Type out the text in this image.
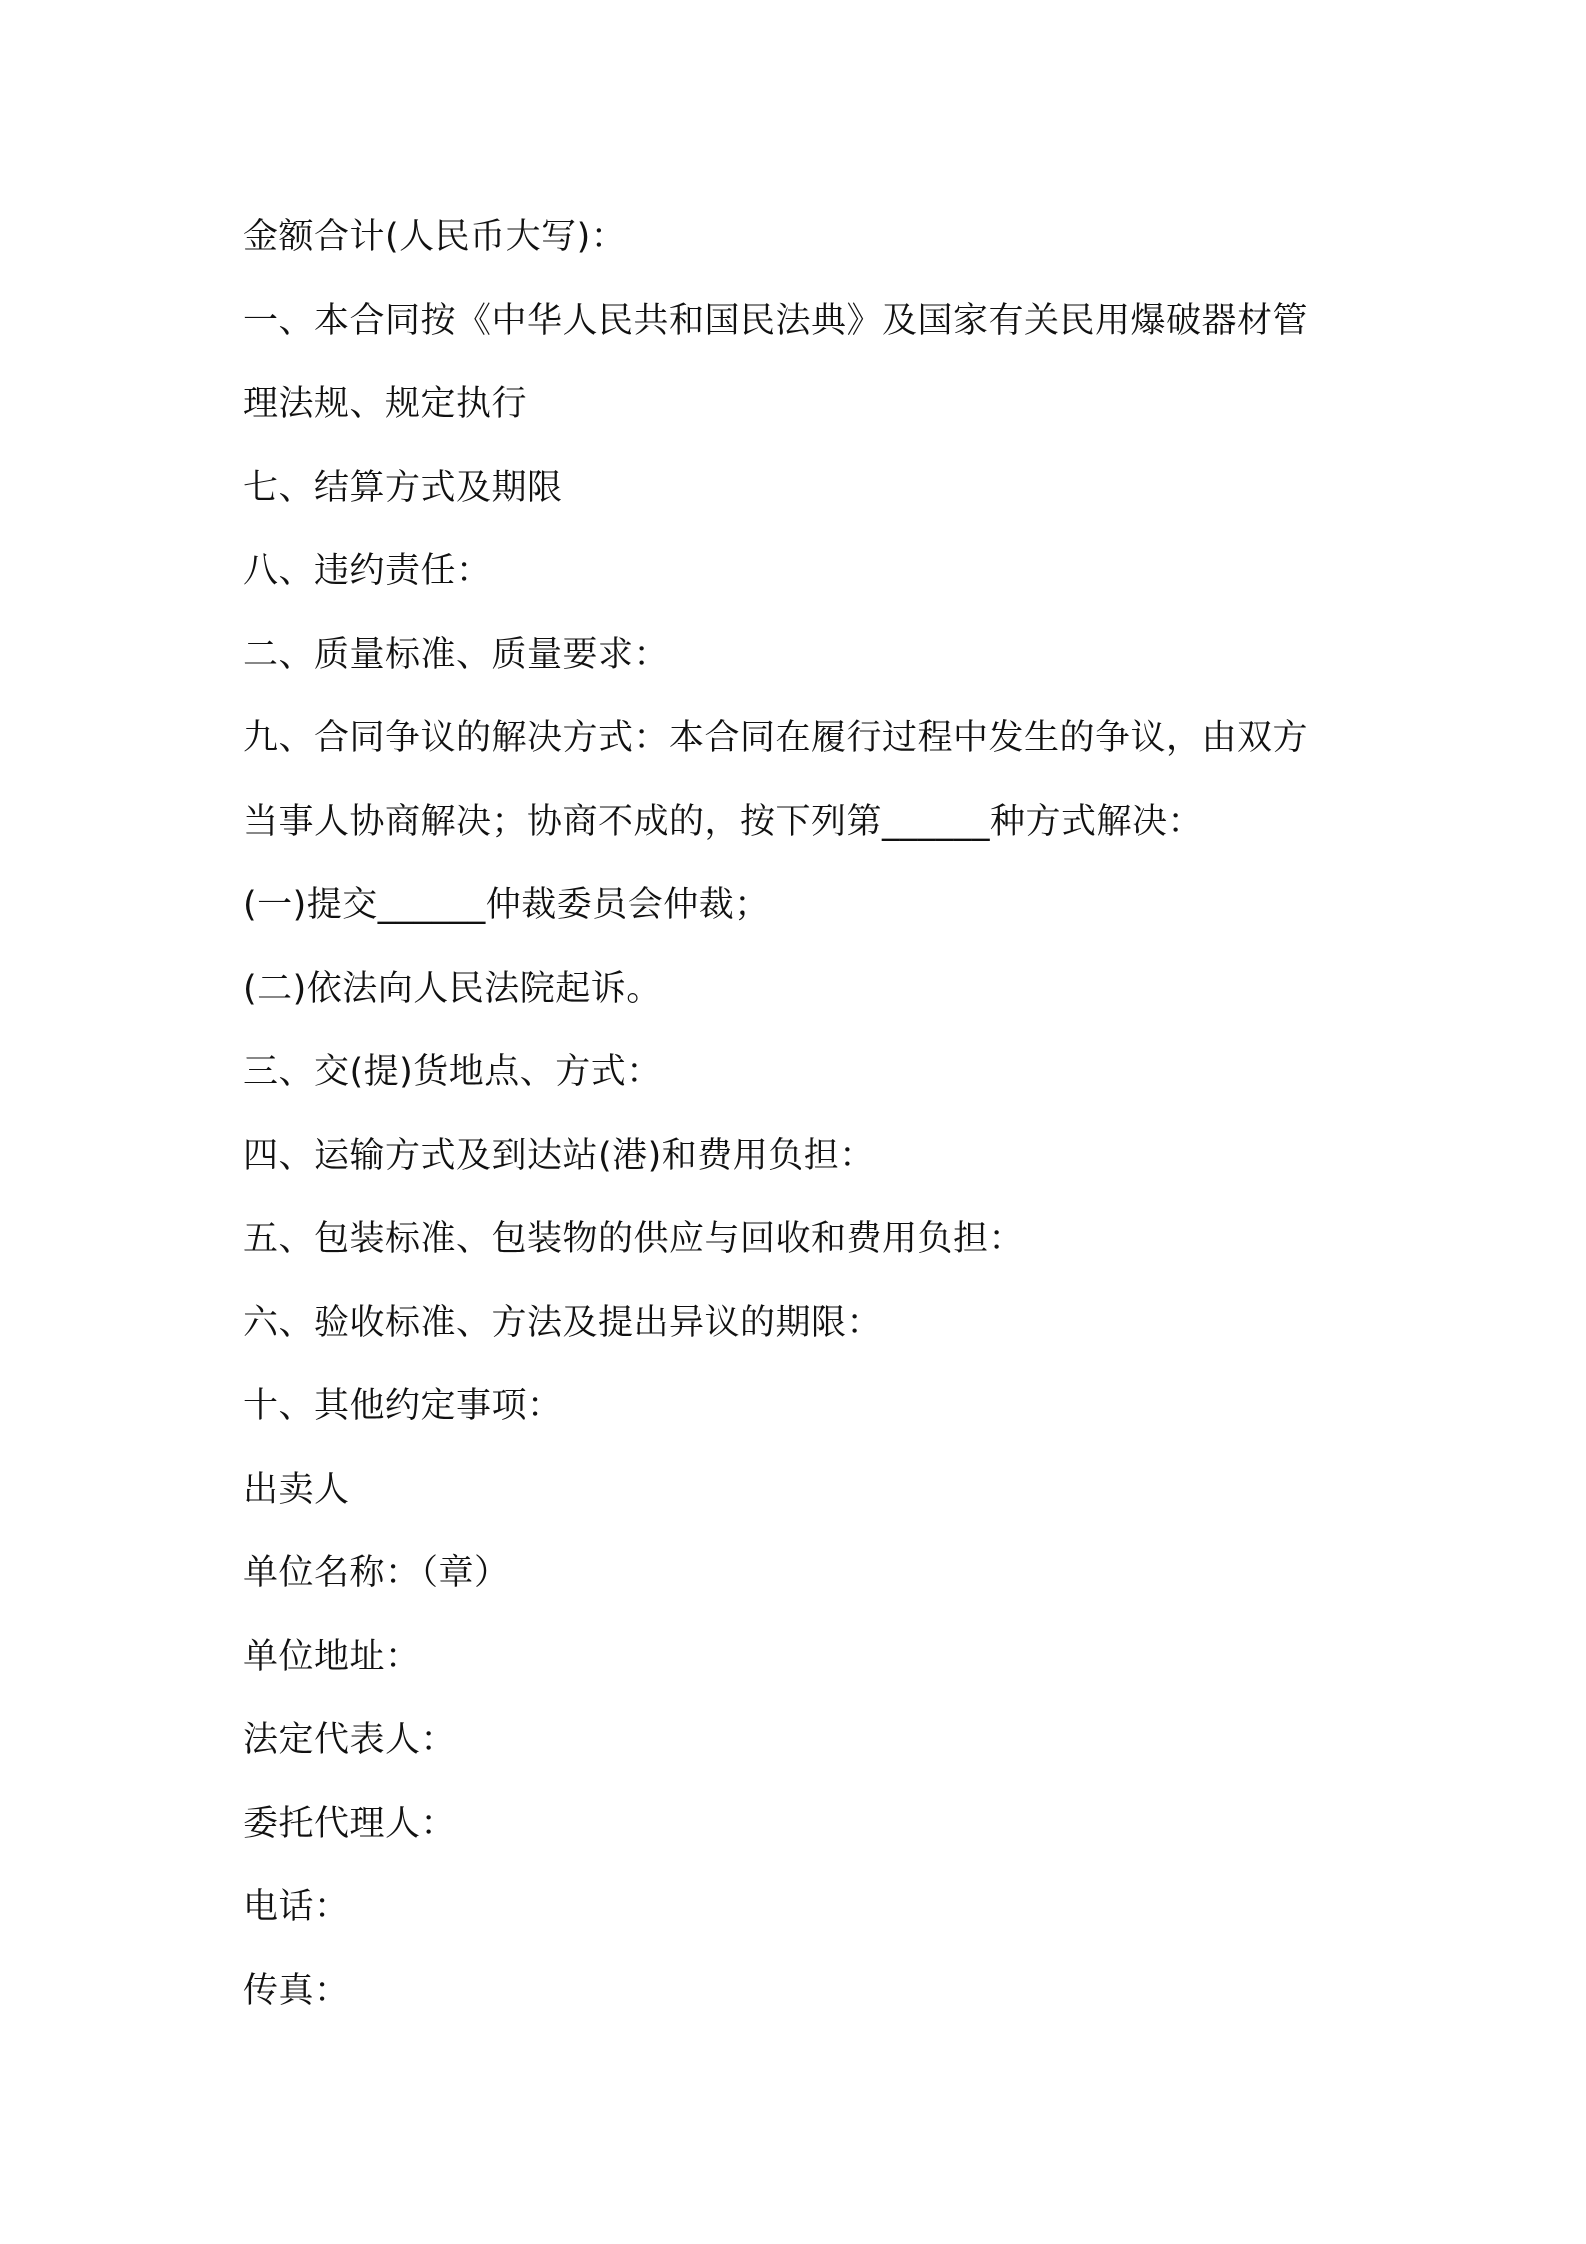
金额合计(人民币大写)：
一、本合同按《中华人民共和国民法典》及国家有关民用爆破器材管
理法规、规定执行
七、结算方式及期限
八、违约责任：
二、质量标准、质量要求：
九、合同争议的解决方式：本合同在履行过程中发生的争议，由双方
当事人协商解决；协商不成的，按下列第______种方式解决：
(一)提交______仲裁委员会仲裁；
(二)依法向人民法院起诉。
三、交(提)货地点、方式：
四、运输方式及到达站(港)和费用负担：
五、包装标准、包装物的供应与回收和费用负担：
六、验收标准、方法及提出异议的期限：
十、其他约定事项：
出卖人
单位名称：（章）
单位地址：
法定代表人：
委托代理人：
电话：
传真：
